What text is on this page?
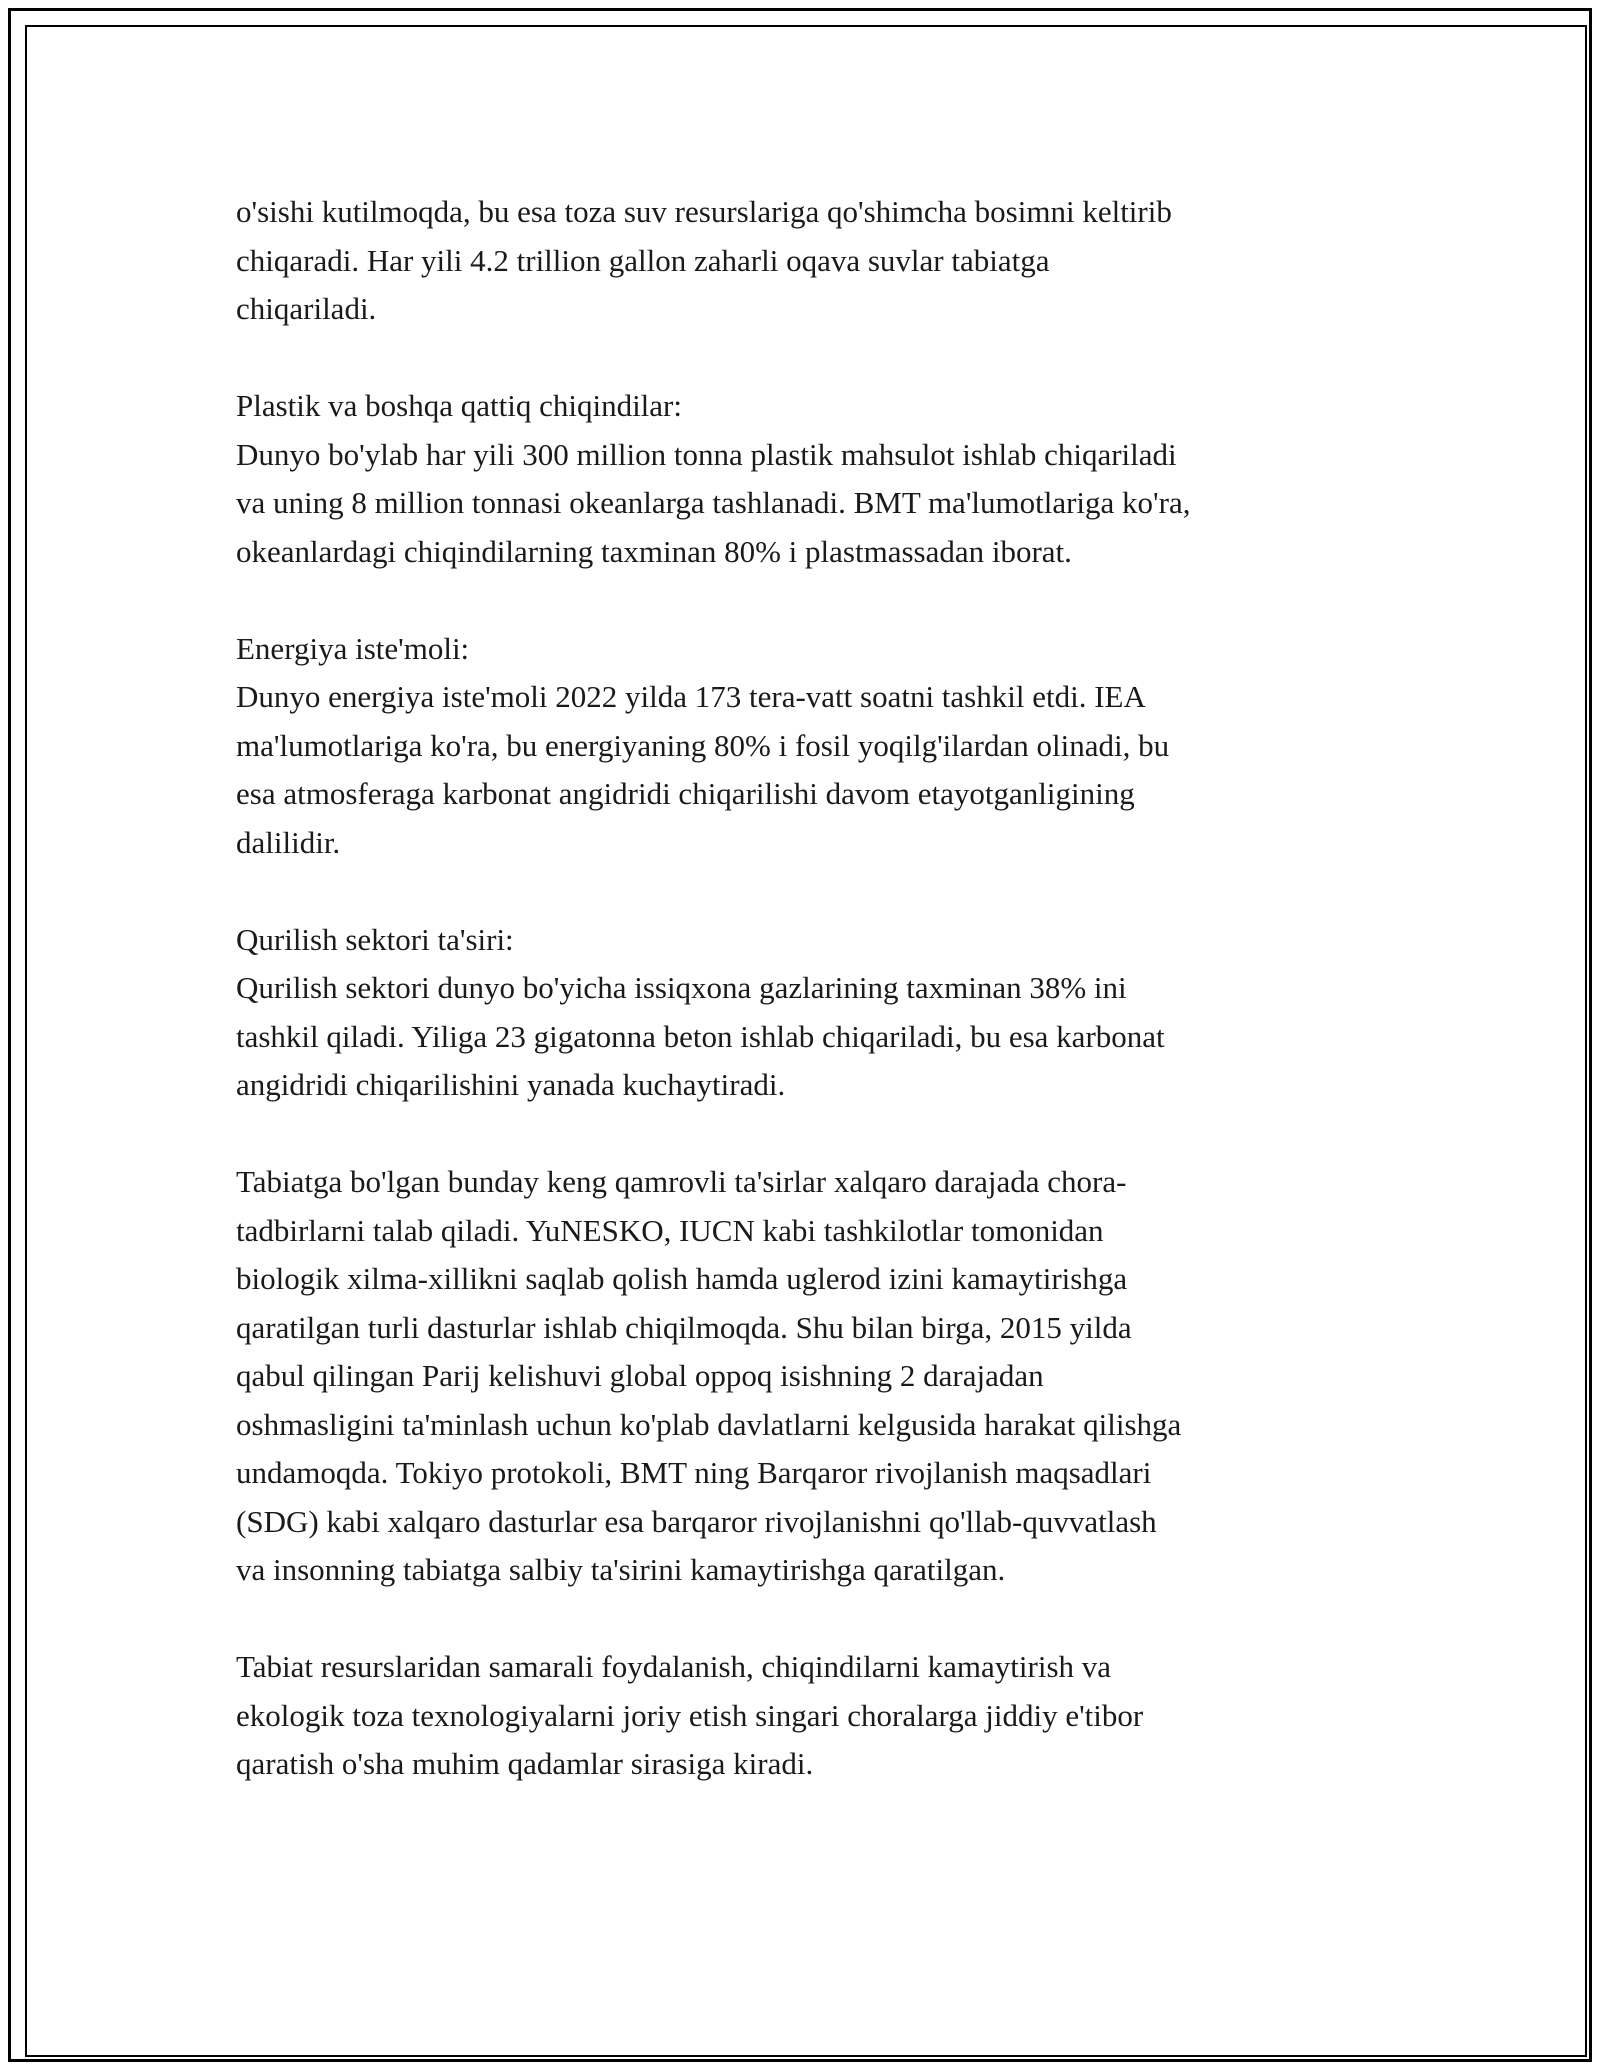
o'sishi kutilmoqda, bu esa toza suv resurslariga qo'shimcha bosimni keltirib
chiqaradi. Har yili 4.2 trillion gallon zaharli oqava suvlar tabiatga
chiqariladi.

Plastik va boshqa qattiq chiqindilar:

Dunyo bo'ylab har yili 300 million tonna plastik mahsulot ishlab chiqariladi
va uning 8 million tonnasi okeanlarga tashlanadi. BMT ma'lumotlariga ko'ra,
okeanlardagi chiqindilarning taxminan 80% i plastmassadan iborat.

Energiya iste'moli:

Dunyo energiya iste'moli 2022 yilda 173 tera-vatt soatni tashkil etdi. IEA
ma'lumotlariga ko'ra, bu energiyaning 80% i fosil yoqilg'ilardan olinadi, bu
esa atmosferaga karbonat angidridi chiqarilishi davom etayotganligining
dalilidir.

Qurilish sektori ta'siri:

Qurilish sektori dunyo bo'yicha issiqxona gazlarining taxminan 38% ini
tashkil qiladi. Yiliga 23 gigatonna beton ishlab chiqariladi, bu esa karbonat
angidridi chiqarilishini yanada kuchaytiradi.

Tabiatga bo'lgan bunday keng qamrovli ta'sirlar xalqaro darajada chora-
tadbirlarni talab qiladi. YuNESKO, IUCN kabi tashkilotlar tomonidan
biologik xilma-xillikni saqlab qolish hamda uglerod izini kamaytirishga
qaratilgan turli dasturlar ishlab chiqilmoqda. Shu bilan birga, 2015 yilda
qabul qilingan Parij kelishuvi global oppoq isishning 2 darajadan
oshmasligini ta'minlash uchun ko'plab davlatlarni kelgusida harakat qilishga
undamoqda. Tokiyo protokoli, BMT ning Barqaror rivojlanish maqsadlari
(SDG) kabi xalqaro dasturlar esa barqaror rivojlanishni qo'llab-quvvatlash
va insonning tabiatga salbiy ta'sirini kamaytirishga qaratilgan.

Tabiat resurslaridan samarali foydalanish, chiqindilarni kamaytirish va
ekologik toza texnologiyalarni joriy etish singari choralarga jiddiy e'tibor
qaratish o'sha muhim qadamlar sirasiga kiradi.
